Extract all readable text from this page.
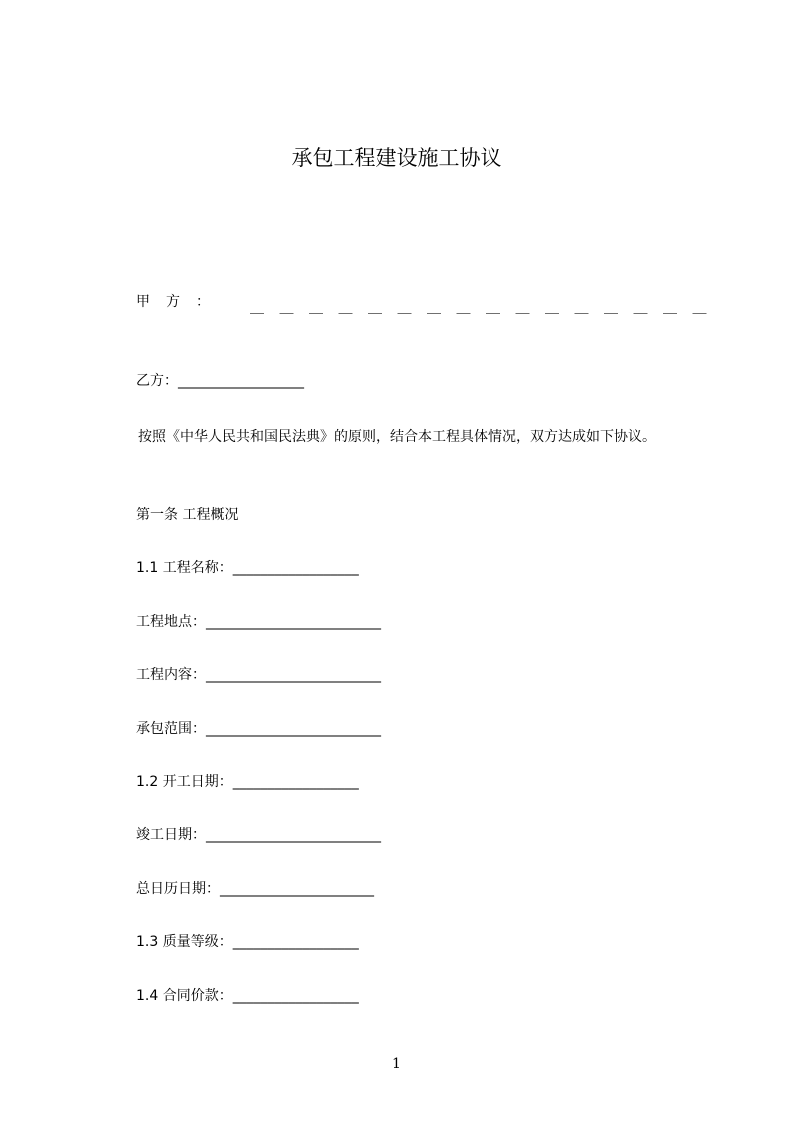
承包工程建设施工协议
甲　方　：	＿＿＿＿＿＿＿＿＿＿＿＿＿＿＿＿
乙方：__________________
按照《中华人民共和国民法典》的原则，结合本工程具体情况，双方达成如下协议。
第一条 工程概况
1.1 工程名称：__________________
工程地点：_________________________
工程内容：_________________________
承包范围：_________________________
1.2 开工日期：__________________
竣工日期：_________________________
总日历日期：______________________
1.3 质量等级：__________________
1.4 合同价款：__________________
1
